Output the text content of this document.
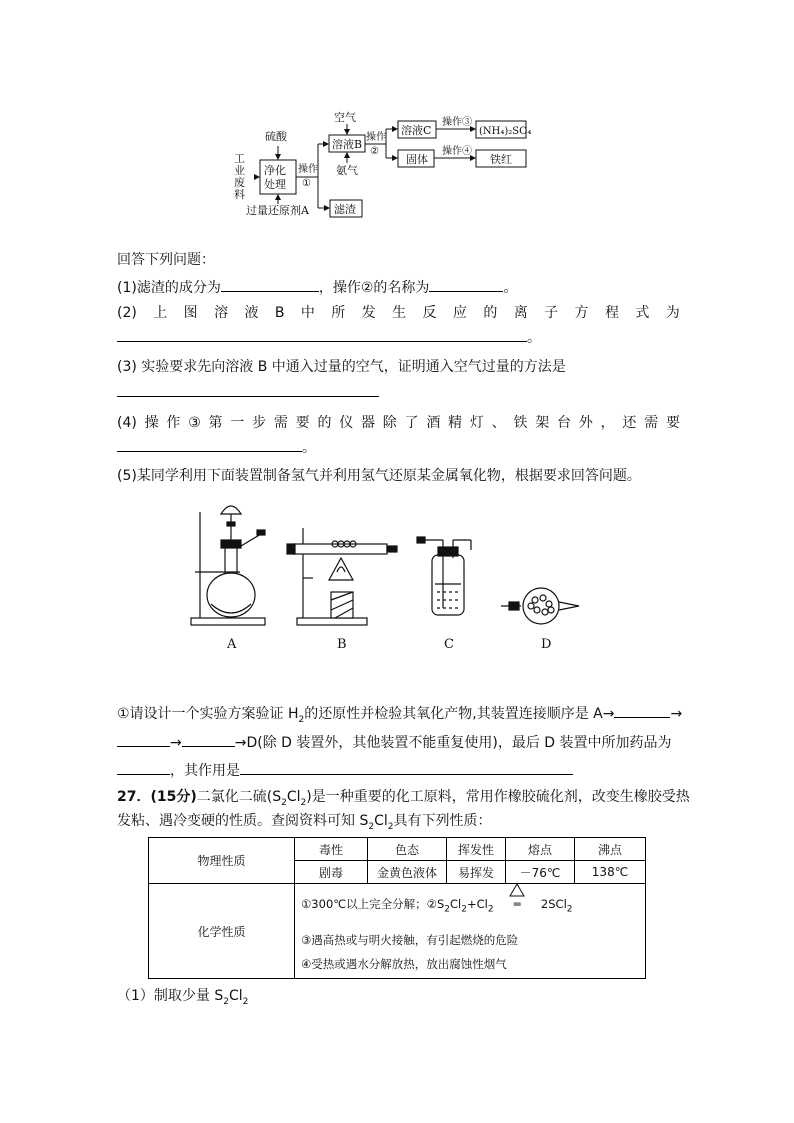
硫酸
工
业
废
料
净化
处理
过量还原剂A
操作
①
空气
溶液B
氨气
操作
②
滤渣
溶液C
固体
操作③
操作④
(NH₄)₂SO₄
铁红
回答下列问题：
(1)滤渣的成分为	，操作②的名称为	。
(2) 上 图 溶 液 B 中 所 发 生 反 应 的 离 子 方 程 式 为
。
(3) 实验要求先向溶液 B 中通入过量的空气，证明通入空气过量的方法是
(4) 操 作 ③ 第 一 步 需 要 的 仪 器 除 了 酒 精 灯 、 铁 架 台 外 ， 还 需 要
。
(5)某同学利用下面装置制备氢气并利用氢气还原某金属氧化物，根据要求回答问题。
A	B	C	D
①请设计一个实验方案验证 $H_2$的还原性并检验其氧化产物,其装置连接顺序是 A→	→
→	→D(除 D 装置外，其他装置不能重复使用)，最后 D 装置中所加药品为
，其作用是
27．(15分)二氯化二硫$(S_2Cl_2)$是一种重要的化工原料，常用作橡胶硫化剂，改变生橡胶受热
发粘、遇冷变硬的性质。查阅资料可知 $S_2Cl_2$具有下列性质：
物理性质	毒性	色态	挥发性	熔点	沸点
	剧毒	金黄色液体	易挥发	－76℃	138℃
化学性质	①300℃以上完全分解；$②S_2Cl_2+Cl_2$ ═ 2SCl$_2$
③遇高热或与明火接触，有引起燃烧的危险
④受热或遇水分解放热，放出腐蚀性烟气				
（1）制取少量 $S_2Cl_2$
